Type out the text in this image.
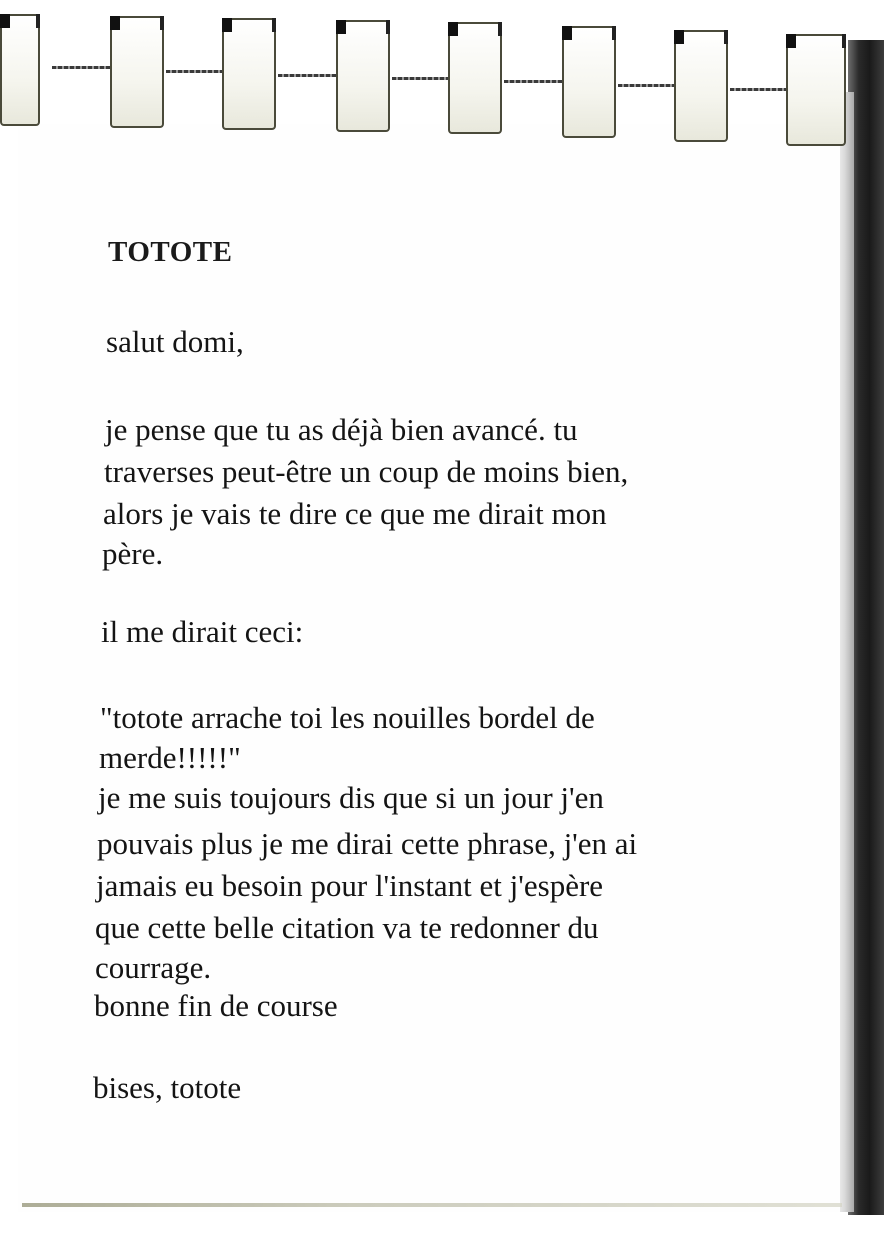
TOTOTE

salut domi,

je pense que tu as déjà bien avancé. tu

traverses peut-être un coup de moins bien,

alors je vais te dire ce que me dirait mon

père.

il me dirait ceci:

"tototе arrache toi les nouilles bordel de

merde!!!!!"

je me suis toujours dis que si un jour j'en

pouvais plus je me dirai cette phrase, j'en ai

jamais eu besoin pour l'instant et j'espère

que cette belle citation va te redonner du

courrage.

bonne fin de course

bises, totote
